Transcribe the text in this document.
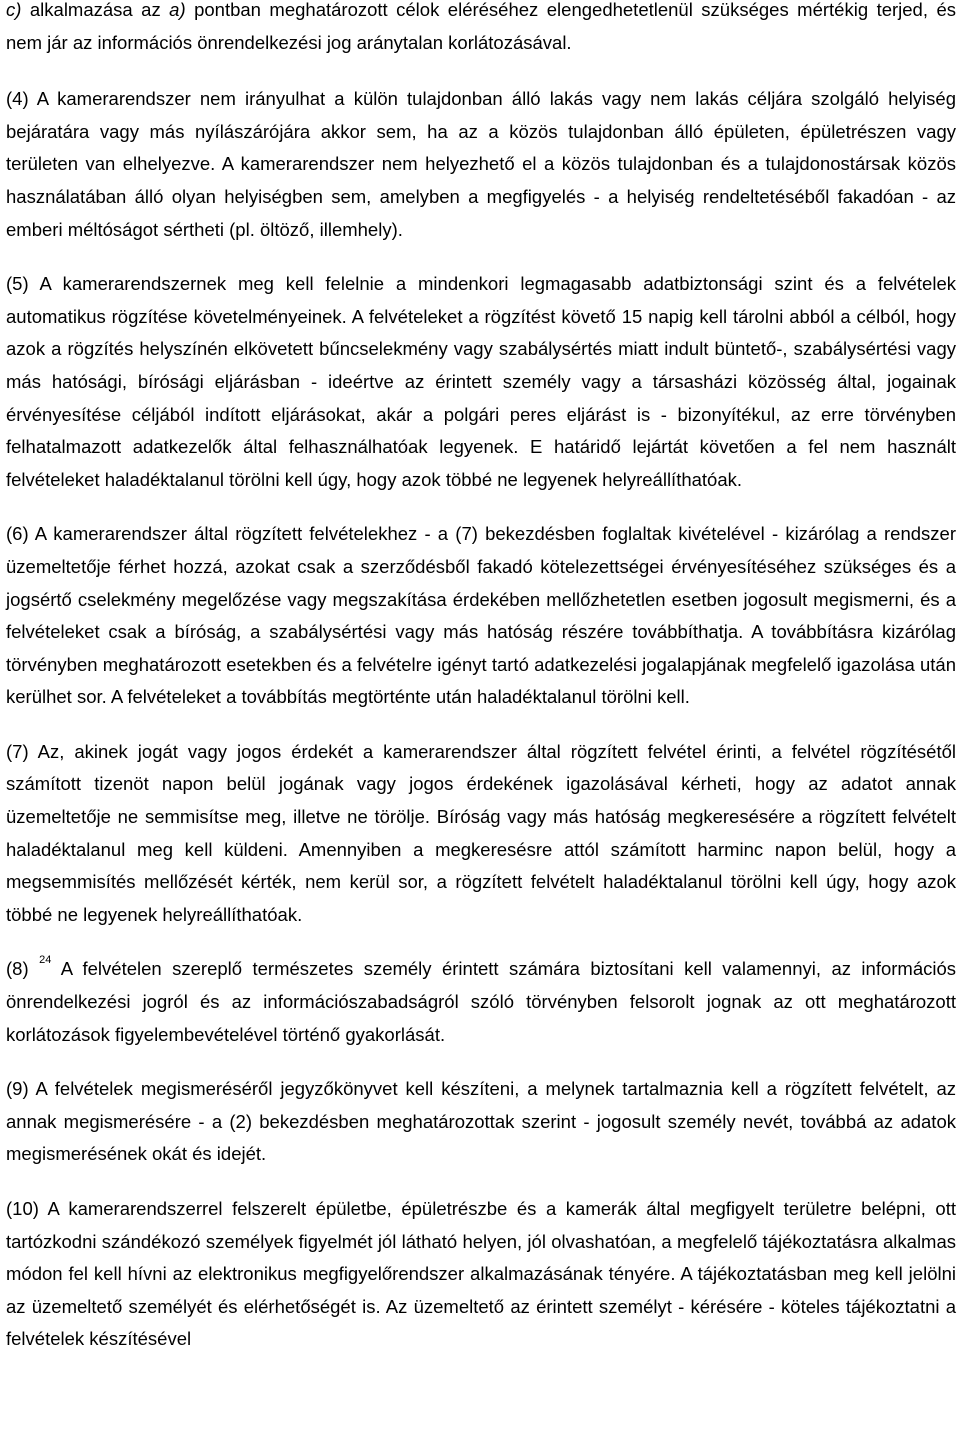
c) alkalmazása az a) pontban meghatározott célok eléréséhez elengedhetetlenül szükséges mértékig terjed, és nem jár az információs önrendelkezési jog aránytalan korlátozásával.

(4) A kamerarendszer nem irányulhat a külön tulajdonban álló lakás vagy nem lakás céljára szolgáló helyiség bejáratára vagy más nyílászárójára akkor sem, ha az a közös tulajdonban álló épületen, épületrészen vagy területen van elhelyezve. A kamerarendszer nem helyezhető el a közös tulajdonban és a tulajdonostársak közös használatában álló olyan helyiségben sem, amelyben a megfigyelés - a helyiség rendeltetéséből fakadóan - az emberi méltóságot sértheti (pl. öltöző, illemhely).

(5) A kamerarendszernek meg kell felelnie a mindenkori legmagasabb adatbiztonsági szint és a felvételek automatikus rögzítése követelményeinek. A felvételeket a rögzítést követő 15 napig kell tárolni abból a célból, hogy azok a rögzítés helyszínén elkövetett bűncselekmény vagy szabálysértés miatt indult büntető-, szabálysértési vagy más hatósági, bírósági eljárásban - ideértve az érintett személy vagy a társasházi közösség által, jogainak érvényesítése céljából indított eljárásokat, akár a polgári peres eljárást is - bizonyítékul, az erre törvényben felhatalmazott adatkezelők által felhasználhatóak legyenek. E határidő lejártát követően a fel nem használt felvételeket haladéktalanul törölni kell úgy, hogy azok többé ne legyenek helyreállíthatóak.

(6) A kamerarendszer által rögzített felvételekhez - a (7) bekezdésben foglaltak kivételével - kizárólag a rendszer üzemeltetője férhet hozzá, azokat csak a szerződésből fakadó kötelezettségei érvényesítéséhez szükséges és a jogsértő cselekmény megelőzése vagy megszakítása érdekében mellőzhetetlen esetben jogosult megismerni, és a felvételeket csak a bíróság, a szabálysértési vagy más hatóság részére továbbíthatja. A továbbításra kizárólag törvényben meghatározott esetekben és a felvételre igényt tartó adatkezelési jogalapjának megfelelő igazolása után kerülhet sor. A felvételeket a továbbítás megtörténte után haladéktalanul törölni kell.

(7) Az, akinek jogát vagy jogos érdekét a kamerarendszer által rögzített felvétel érinti, a felvétel rögzítésétől számított tizenöt napon belül jogának vagy jogos érdekének igazolásával kérheti, hogy az adatot annak üzemeltetője ne semmisítse meg, illetve ne törölje. Bíróság vagy más hatóság megkeresésére a rögzített felvételt haladéktalanul meg kell küldeni. Amennyiben a megkeresésre attól számított harminc napon belül, hogy a megsemmisítés mellőzését kérték, nem kerül sor, a rögzített felvételt haladéktalanul törölni kell úgy, hogy azok többé ne legyenek helyreállíthatóak.

(8) $^{24}$ A felvételen szereplő természetes személy érintett számára biztosítani kell valamennyi, az információs önrendelkezési jogról és az információszabadságról szóló törvényben felsorolt jognak az ott meghatározott korlátozások figyelembevételével történő gyakorlását.

(9) A felvételek megismeréséről jegyzőkönyvet kell készíteni, a melynek tartalmaznia kell a rögzített felvételt, az annak megismerésére - a (2) bekezdésben meghatározottak szerint - jogosult személy nevét, továbbá az adatok megismerésének okát és idejét.

(10) A kamerarendszerrel felszerelt épületbe, épületrészbe és a kamerák által megfigyelt területre belépni, ott tartózkodni szándékozó személyek figyelmét jól látható helyen, jól olvashatóan, a megfelelő tájékoztatásra alkalmas módon fel kell hívni az elektronikus megfigyelőrendszer alkalmazásának tényére. A tájékoztatásban meg kell jelölni az üzemeltető személyét és elérhetőségét is. Az üzemeltető az érintett személyt - kérésére - köteles tájékoztatni a felvételek készítésével
